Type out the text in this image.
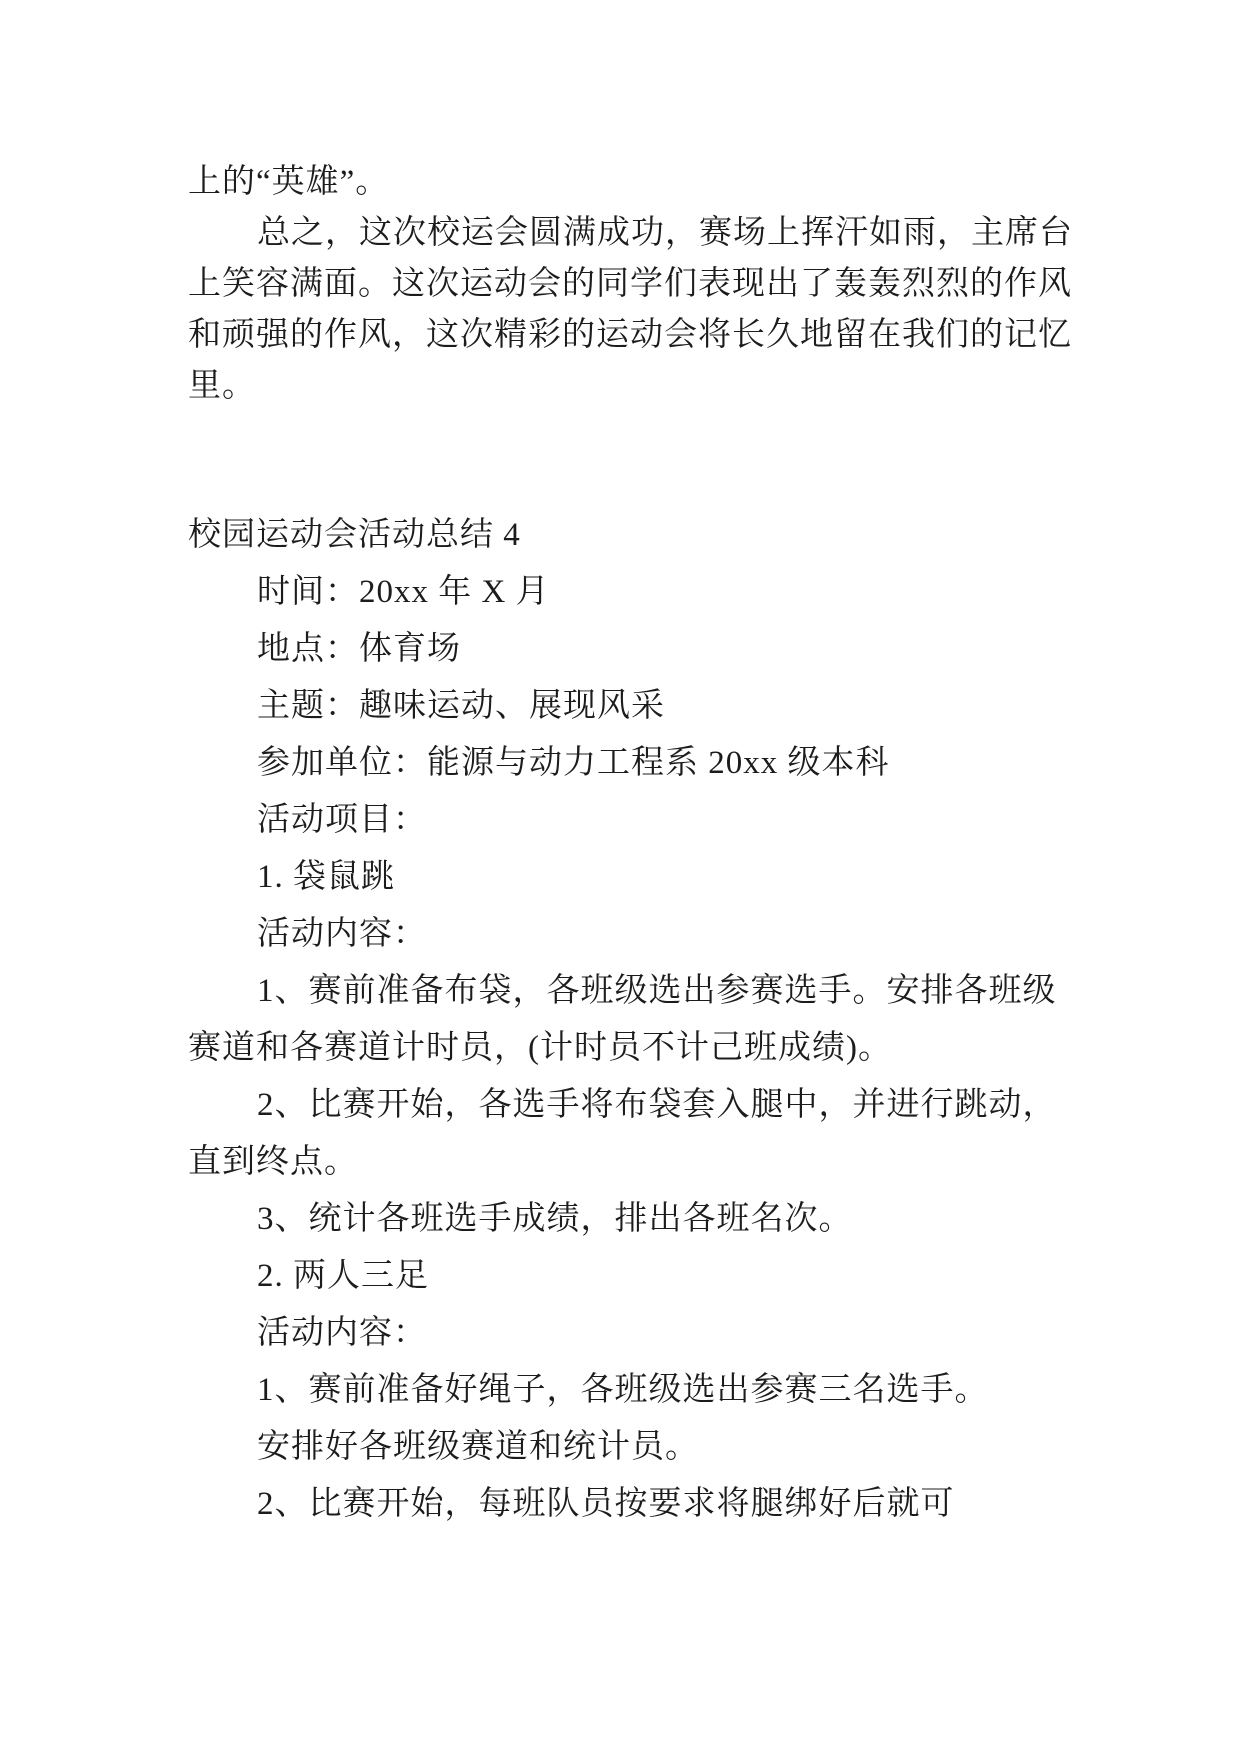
上的“英雄”。
总之，这次校运会圆满成功，赛场上挥汗如雨，主席台
上笑容满面。这次运动会的同学们表现出了轰轰烈烈的作风
和顽强的作风，这次精彩的运动会将长久地留在我们的记忆
里。
校园运动会活动总结 4
时间：20xx 年 X 月
地点：体育场
主题：趣味运动、展现风采
参加单位：能源与动力工程系 20xx 级本科
活动项目：
1. 袋鼠跳
活动内容：
1、赛前准备布袋，各班级选出参赛选手。安排各班级
赛道和各赛道计时员，(计时员不计己班成绩)。
2、比赛开始，各选手将布袋套入腿中，并进行跳动，
直到终点。
3、统计各班选手成绩，排出各班名次。
2. 两人三足
活动内容：
1、赛前准备好绳子，各班级选出参赛三名选手。
安排好各班级赛道和统计员。
2、比赛开始，每班队员按要求将腿绑好后就可
